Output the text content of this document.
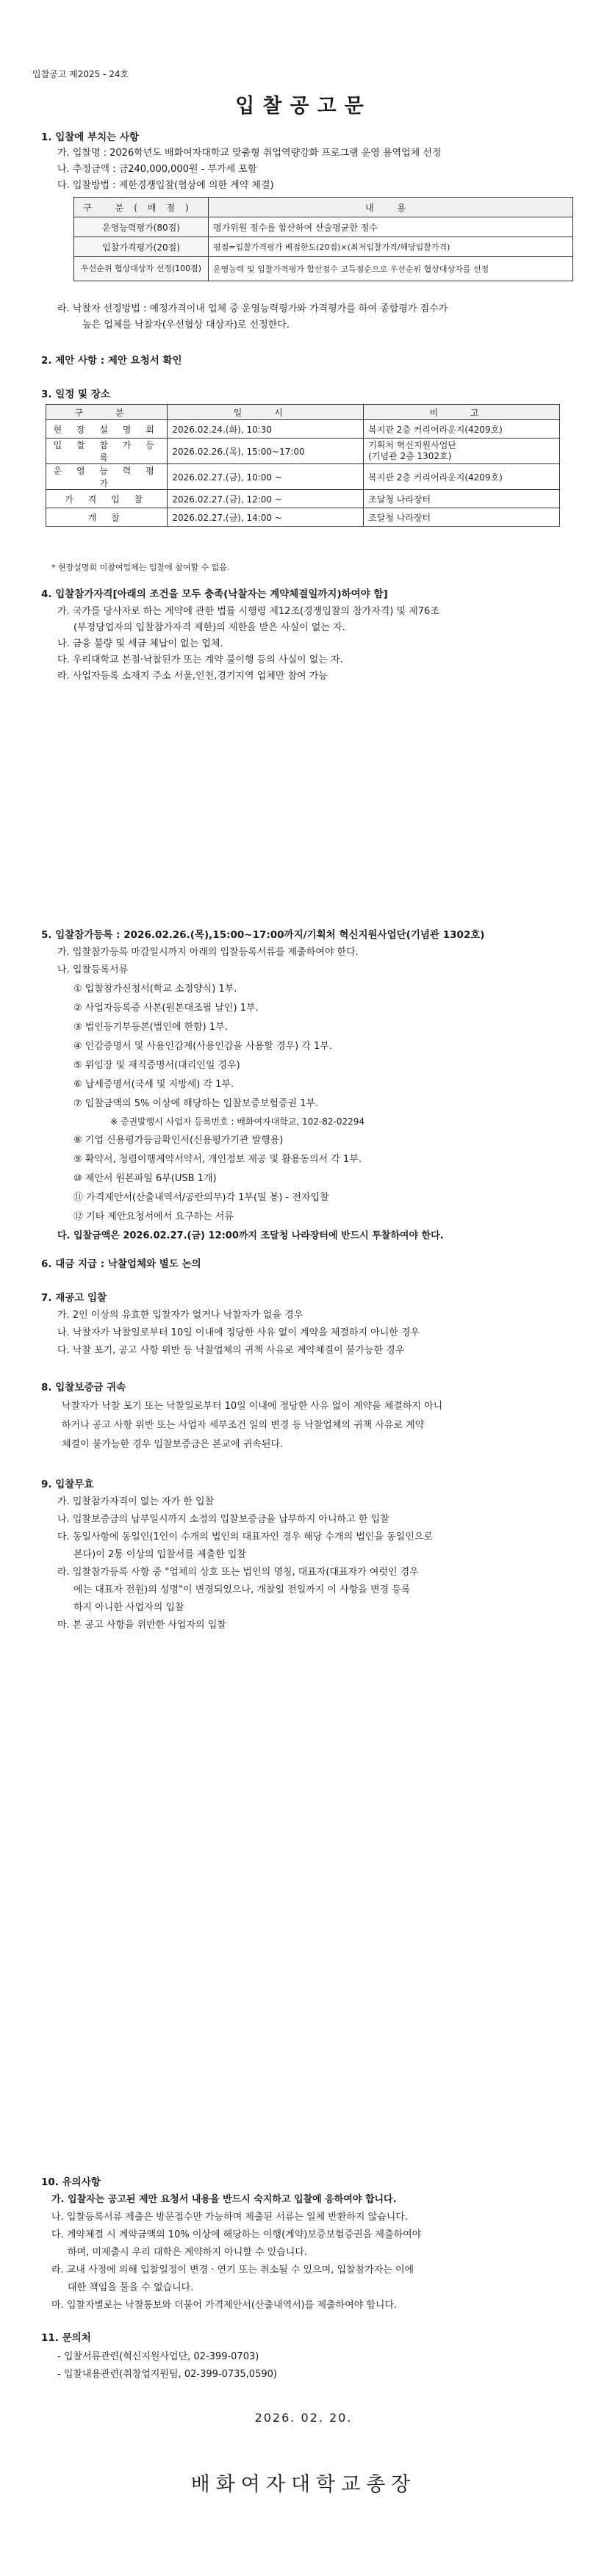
입찰공고 제2025 - 24호
입찰공고문
1. 입찰에 부치는 사항
가. 입찰명 : 2026학년도 배화여자대학교 맞춤형 취업역량강화 프로그램 운영 용역업체 선정
나. 추정금액 : 금240,000,000원 - 부가세 포함
다. 입찰방법 : 제한경쟁입찰(협상에 의한 계약 체결)
구 분(배점)	내 용
운영능력평가(80점)	평가위원 점수를 합산하여 산술평균한 점수
입찰가격평가(20점)	평점=입찰가격평가 배점한도(20점)×(최저입찰가격/해당입찰가격)
우선순위 협상대상자 선정(100점)	운영능력 및 입찰가격평가 합산점수 고득점순으로 우선순위 협상대상자를 선정
라. 낙찰자 선정방법 : 예정가격이내 업체 중 운영능력평가와 가격평가를 하여 종합평가 점수가
높은 업체를 낙찰자(우선협상 대상자)로 선정한다.
2. 제안 사항 : 제안 요청서 확인
3. 일정 및 장소
구 분	일 시	비 고
현 장 설 명 회	2026.02.24.(화), 10:30	복지관 2층 커리어라운지(4209호)
입 찰 참 가 등 록	2026.02.26.(목), 15:00~17:00	기획처 혁신지원사업단
(기념관 2층 1302호)

운 영 능 력 평 가	2026.02.27.(금), 10:00 ~	복지관 2층 커리어라운지(4209호)
가 격 입 찰	2026.02.27.(금), 12:00 ~	조달청 나라장터
개 찰	2026.02.27.(금), 14:00 ~	조달청 나라장터
* 현장설명회 미참여업체는 입찰에 참여할 수 없음.
4. 입찰참가자격[아래의 조건을 모두 충족(낙찰자는 계약체결일까지)하여야 함]
가. 국가를 당사자로 하는 계약에 관한 법률 시행령 제12조(경쟁입찰의 참가자격) 및 제76조
(부정당업자의 입찰참가자격 제한)의 제한을 받은 사실이 없는 자.
나. 금융 불량 및 세금 체납이 없는 업체.
다. 우리대학교 본점·낙찰된가 또는 계약 불이행 등의 사실이 없는 자.
라. 사업자등록 소재지 주소 서울,인천,경기지역 업체만 참여 가능
5. 입찰참가등록 : 2026.02.26.(목),15:00~17:00까지/기획처 혁신지원사업단(기념관 1302호)
가. 입찰참가등록 마감일시까지 아래의 입찰등록서류를 제출하여야 한다.
나. 입찰등록서류
① 입찰참가신청서(학교 소정양식) 1부.
② 사업자등록증 사본(원본대조필 날인) 1부.
③ 법인등기부등본(법인에 한함) 1부.
④ 인감증명서 및 사용인감계(사용인감을 사용할 경우) 각 1부.
⑤ 위임장 및 재직증명서(대리인일 경우)
⑥ 납세증명서(국세 및 지방세) 각 1부.
⑦ 입찰금액의 5% 이상에 해당하는 입찰보증보험증권 1부.
※ 증권발행시 사업자 등록번호 : 배화여자대학교, 102-82-02294
⑧ 기업 신용평가등급확인서(신용평가기관 발행용)
⑨ 확약서, 청렴이행계약서약서, 개인정보 제공 및 활용동의서 각 1부.
⑩ 제안서 원본파일 6부(USB 1개)
⑪ 가격제안서(산출내역서/공란의무)각 1부(밀 봉) - 전자입찰
⑫ 기타 제안요청서에서 요구하는 서류
다. 입찰금액은 2026.02.27.(금) 12:00까지 조달청 나라장터에 반드시 투찰하여야 한다.
6. 대금 지급 : 낙찰업체와 별도 논의
7. 재공고 입찰
가. 2인 이상의 유효한 입찰자가 없거나 낙찰자가 없을 경우
나. 낙찰자가 낙찰일로부터 10일 이내에 정당한 사유 없이 계약을 체결하지 아니한 경우
다. 낙찰 포기, 공고 사항 위반 등 낙찰업체의 귀책 사유로 계약체결이 불가능한 경우
8. 입찰보증금 귀속
낙찰자가 낙찰 포기 또는 낙찰일로부터 10일 이내에 정당한 사유 없이 계약을 체결하지 아니
하거나 공고 사항 위반 또는 사업자 세부조건 일의 변경 등 낙찰업체의 귀책 사유로 계약
체결이 불가능한 경우 입찰보증금은 본교에 귀속된다.
9. 입찰무효
가. 입찰참가자격이 없는 자가 한 입찰
나. 입찰보증금의 납부일시까지 소정의 입찰보증금을 납부하지 아니하고 한 입찰
다. 동일사항에 동일인(1인이 수개의 법인의 대표자인 경우 해당 수개의 법인을 동일인으로
본다)이 2통 이상의 입찰서를 제출한 입찰
라. 입찰참가등록 사항 중 "업체의 상호 또는 법인의 명칭, 대표자(대표자가 여럿인 경우
에는 대표자 전원)의 성명"이 변경되었으나, 개찰일 전일까지 이 사항을 변경 등록
하지 아니한 사업자의 입찰
마. 본 공고 사항을 위반한 사업자의 입찰
10. 유의사항
가. 입찰자는 공고된 제안 요청서 내용을 반드시 숙지하고 입찰에 응하여야 합니다.
나. 입찰등록서류 제출은 방문접수만 가능하며 제출된 서류는 일체 반환하지 않습니다.
다. 계약체결 시 계약금액의 10% 이상에 해당하는 이행(계약)보증보험증권을 제출하여야
하며, 미제출시 우리 대학은 계약하지 아니할 수 있습니다.
라. 교내 사정에 의해 입찰일정이 변경 · 연기 또는 취소될 수 있으며, 입찰참가자는 이에
대한 책임을 물을 수 없습니다.
마. 입찰자별로는 낙찰통보와 더불어 가격제안서(산출내역서)를 제출하여야 합니다.
11. 문의처
- 입찰서류관련(혁신지원사업단, 02-399-0703)
- 입찰내용관련(취창업지원팀, 02-399-0735,0590)
2026. 02. 20.
배화여자대학교총장
